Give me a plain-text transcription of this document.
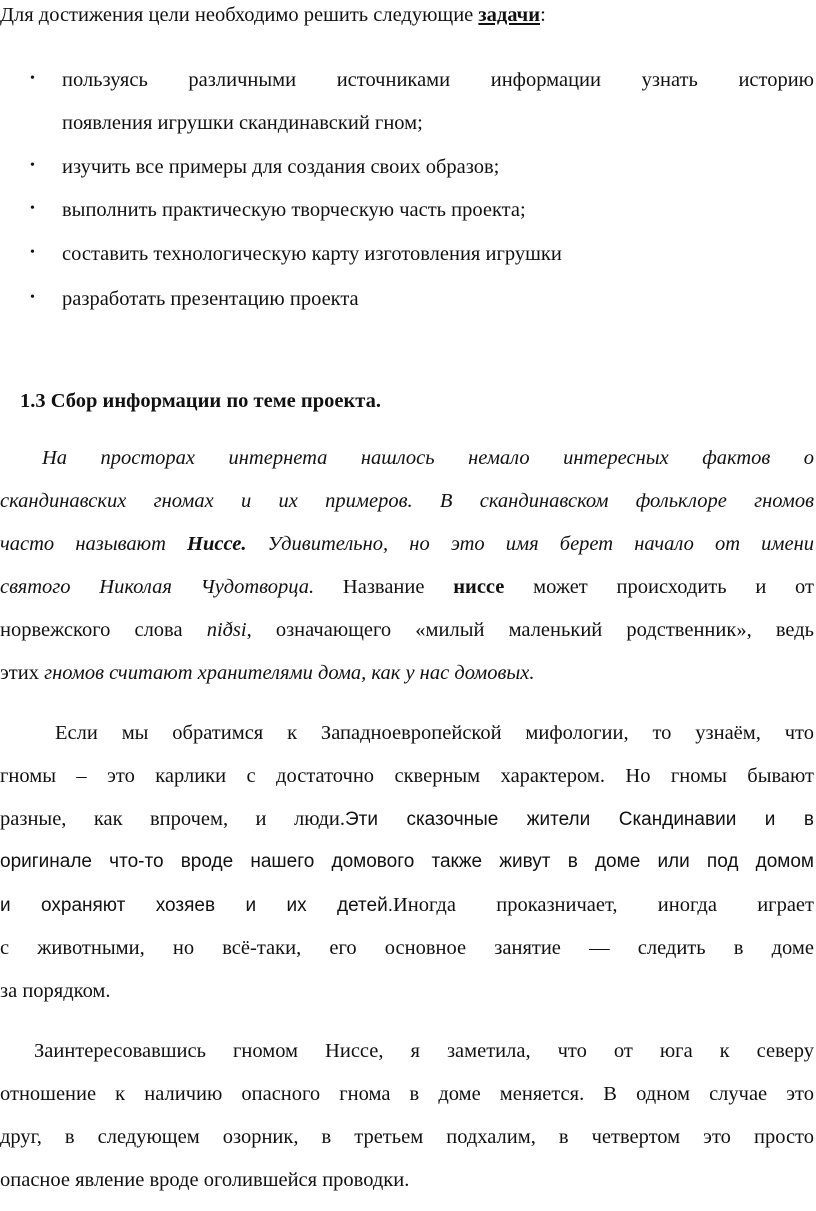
Для достижения цели необходимо решить следующие задачи:
• пользуясь различными источниками информации узнать историю
появления игрушки скандинавский гном;
• изучить все примеры для создания своих образов;
• выполнить практическую творческую часть проекта;
• составить технологическую карту изготовления игрушки
• разработать презентацию проекта
1.3 Сбор информации по теме проекта.
На просторах интернета нашлось немало интересных фактов о
скандинавских гномах и их примеров. В скандинавском фольклоре гномов
часто называют Ниссе. Удивительно, но это имя берет начало от имени
святого Николая Чудотворца. Название ниссе может происходить и от
норвежского слова niðsi, означающего «милый маленький родственник», ведь
этих гномов считают хранителями дома, как у нас домовых.
Если мы обратимся к Западноевропейской мифологии, то узнаём, что
гномы – это карлики с достаточно скверным характером. Но гномы бывают
разные, как впрочем, и люди.Эти сказочные жители Скандинавии и в
оригинале что-то вроде нашего домового также живут в доме или под домом
и охраняют хозяев и их детей.Иногда проказничает, иногда играет
с животными, но всё-таки, его основное занятие — следить в доме
за порядком.
Заинтересовавшись гномом Ниссе, я заметила, что от юга к северу
отношение к наличию опасного гнома в доме меняется. В одном случае это
друг, в следующем озорник, в третьем подхалим, в четвертом это просто
опасное явление вроде оголившейся проводки.
